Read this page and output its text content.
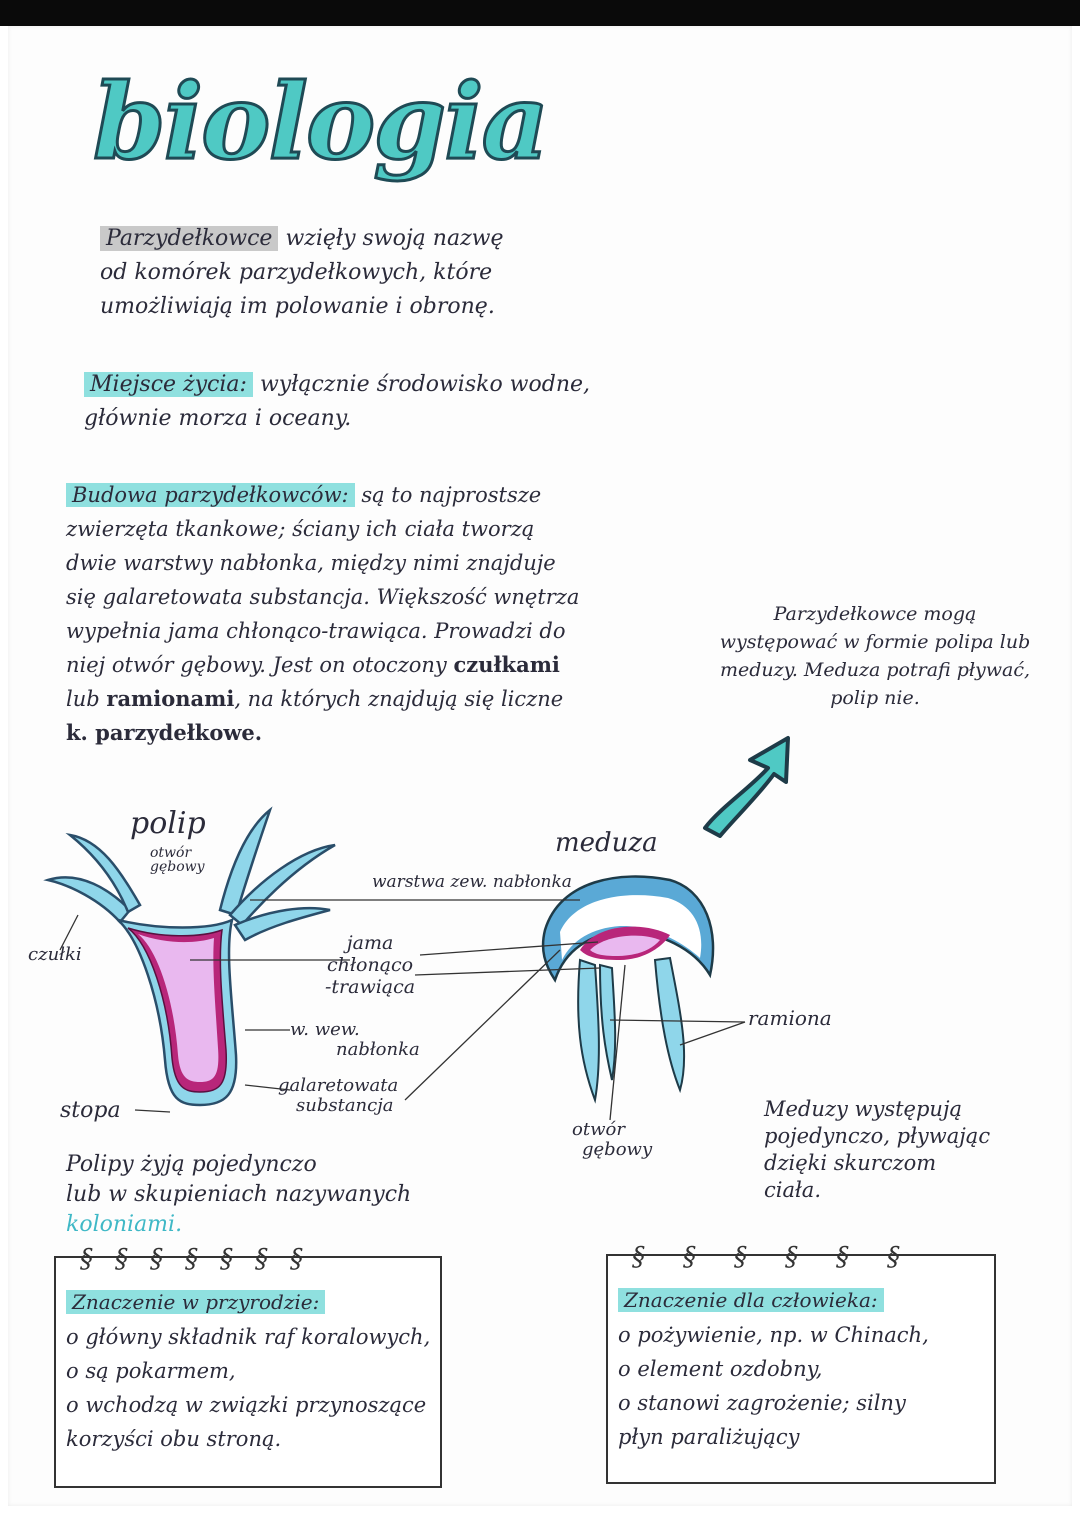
biologia
Parzydełkowce wzięły swoją nazwę
od komórek parzydełkowych, które
umożliwiają im polowanie i obronę.
Miejsce życia: wyłącznie środowisko wodne,
głównie morza i oceany.
Budowa parzydełkowców: są to najprostsze
zwierzęta tkankowe; ściany ich ciała tworzą
dwie warstwy nabłonka, między nimi znajduje
się galaretowata substancja. Większość wnętrza
wypełnia jama chłonąco-trawiąca. Prowadzi do
niej otwór gębowy. Jest on otoczony czułkami
lub ramionami, na których znajdują się liczne
k. parzydełkowe.
Parzydełkowce mogą
występować w formie polipa lub
meduzy. Meduza potrafi pływać,
polip nie.
polip
otwór
gębowy
meduza
warstwa zew. nabłonka
czułki
jama
chłonąco
-trawiąca
w. wew.
nabłonka
galaretowata
substancja
stopa
ramiona
otwór
gębowy
Polipy żyją pojedynczo
lub w skupieniach nazywanych
koloniami.
Meduzy występują
pojedynczo, pływając
dzięki skurczom
ciała.
§§§§§§§
Znaczenie w przyrodzie:
o główny składnik raf koralowych,
o są pokarmem,
o wchodzą w związki przynoszące
korzyści obu stroną.
§§§§§§
Znaczenie dla człowieka:
o pożywienie, np. w Chinach,
o element ozdobny,
o stanowi zagrożenie; silny
płyn paraliżujący
